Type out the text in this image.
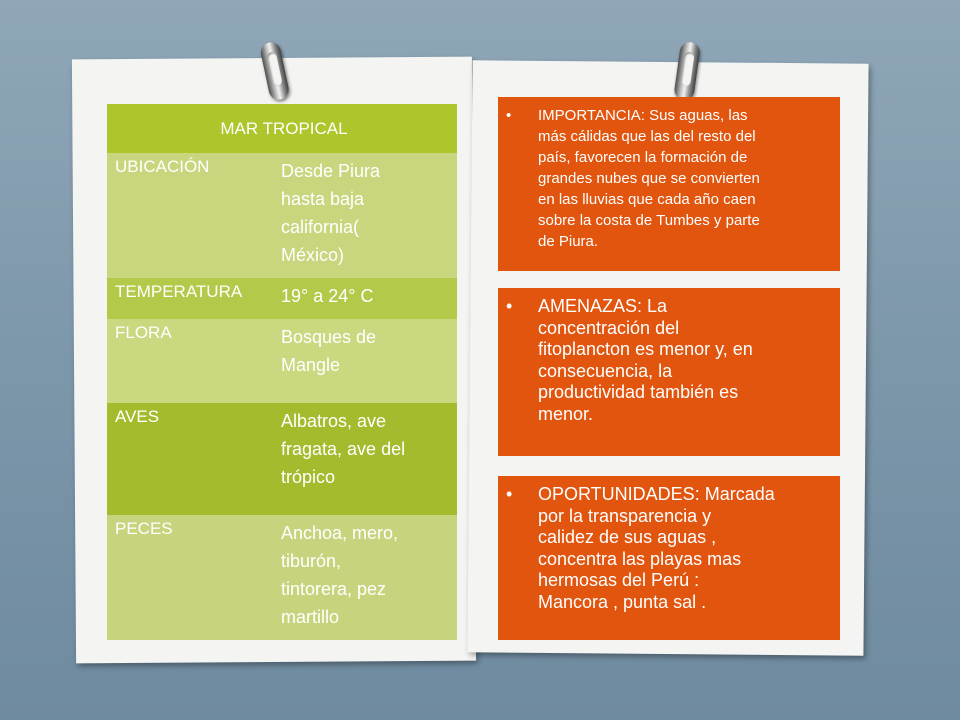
MAR TROPICAL	

UBICACIÓN	Desde Piura
hasta baja
california(
México)

TEMPERATURA	19° a 24° C

FLORA	Bosques de
Mangle

AVES	Albatros, ave
fragata, ave del
trópico

PECES	Anchoa, mero,
tiburón,
tintorera, pez
martillo
• IMPORTANCIA: Sus aguas, las
más cálidas que las del resto del
país, favorecen la formación de
grandes nubes que se convierten
en las lluvias que cada año caen
sobre la costa de Tumbes y parte
de Piura.
• AMENAZAS: La
concentración del
fitoplancton es menor y, en
consecuencia, la
productividad también es
menor.
• OPORTUNIDADES: Marcada
por la transparencia y
calidez de sus aguas ,
concentra las playas mas
hermosas del Perú :
Mancora , punta sal .
